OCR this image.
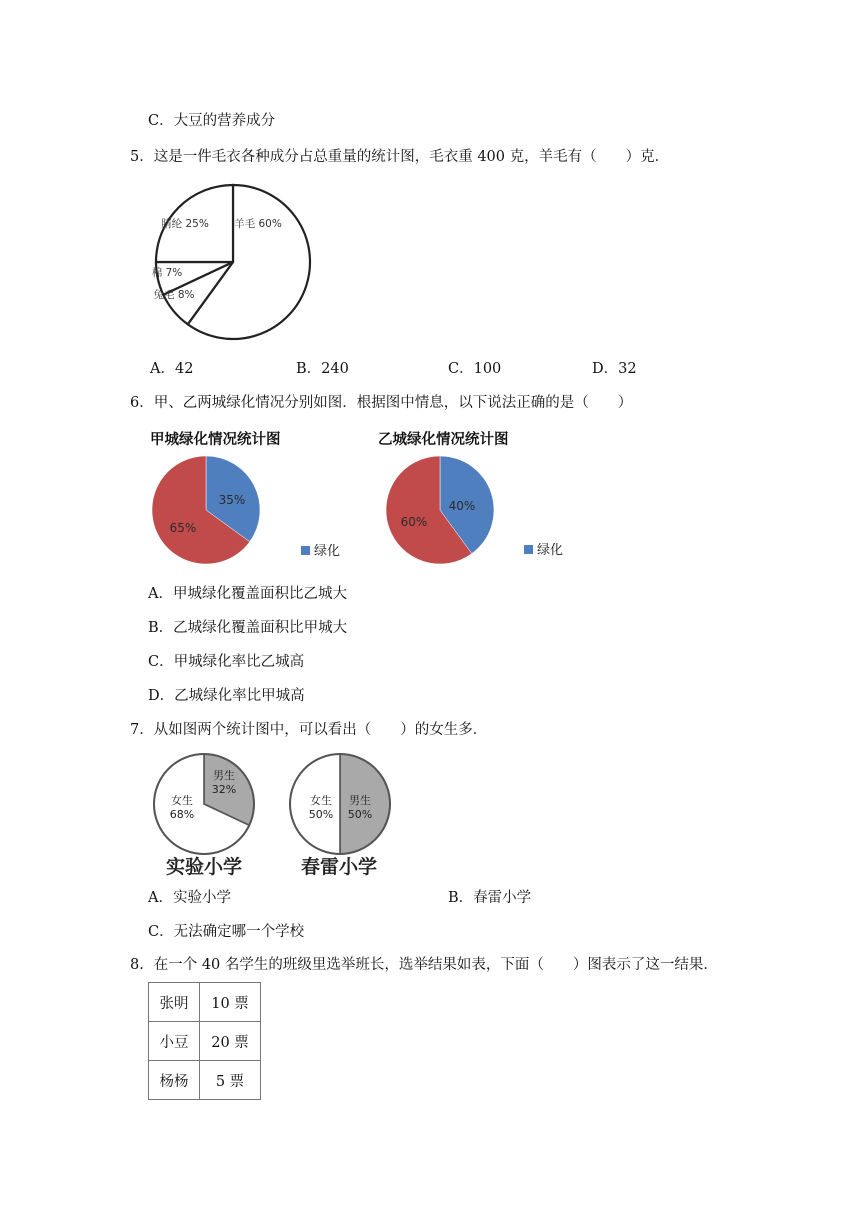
C．大豆的营养成分
5．这是一件毛衣各种成分占总重量的统计图，毛衣重 400 克，羊毛有（　　）克．
羊毛 60%
腈纶 25%
棉 7%
兔毛 8%
A．42	B．240	C．100	D．32
6．甲、乙两城绿化情况分别如图．根据图中情息，以下说法正确的是（　　）
甲城绿化情况统计图
35%
65%
绿化
乙城绿化情况统计图
40%
60%
绿化
A．甲城绿化覆盖面积比乙城大
B．乙城绿化覆盖面积比甲城大
C．甲城绿化率比乙城高
D．乙城绿化率比甲城高
7．从如图两个统计图中，可以看出（　　）的女生多．
男生
32%
女生
68%
男生
50%
女生
50%
实验小学	春雷小学
A．实验小学	B．春雷小学
C．无法确定哪一个学校
8．在一个 40 名学生的班级里选举班长，选举结果如表，下面（　　）图表示了这一结果．
张明	10 票
小豆	20 票
杨杨	5 票
